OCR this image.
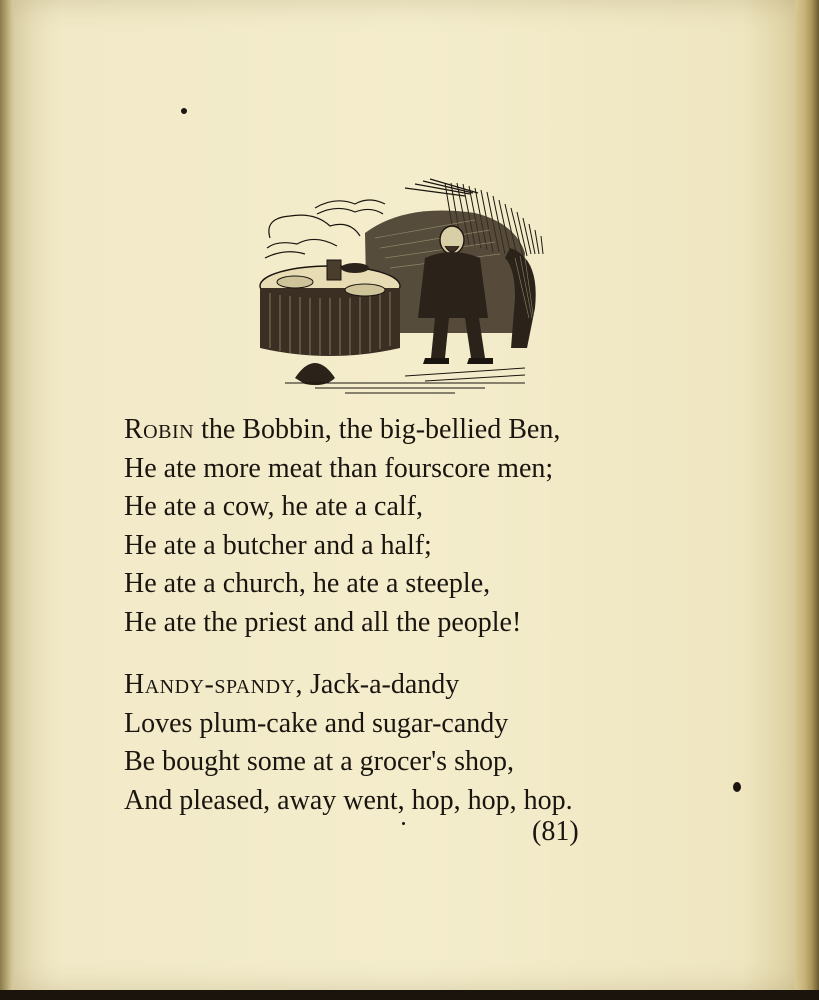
Robin the Bobbin, the big-bellied Ben,
He ate more meat than fourscore men;
He ate a cow, he ate a calf,
He ate a butcher and a half;
He ate a church, he ate a steeple,
He ate the priest and all the people!
Handy-spandy, Jack-a-dandy
Loves plum-cake and sugar-candy
Be bought some at a grocer's shop,
And pleased, away went, hop, hop, hop.
(81)
